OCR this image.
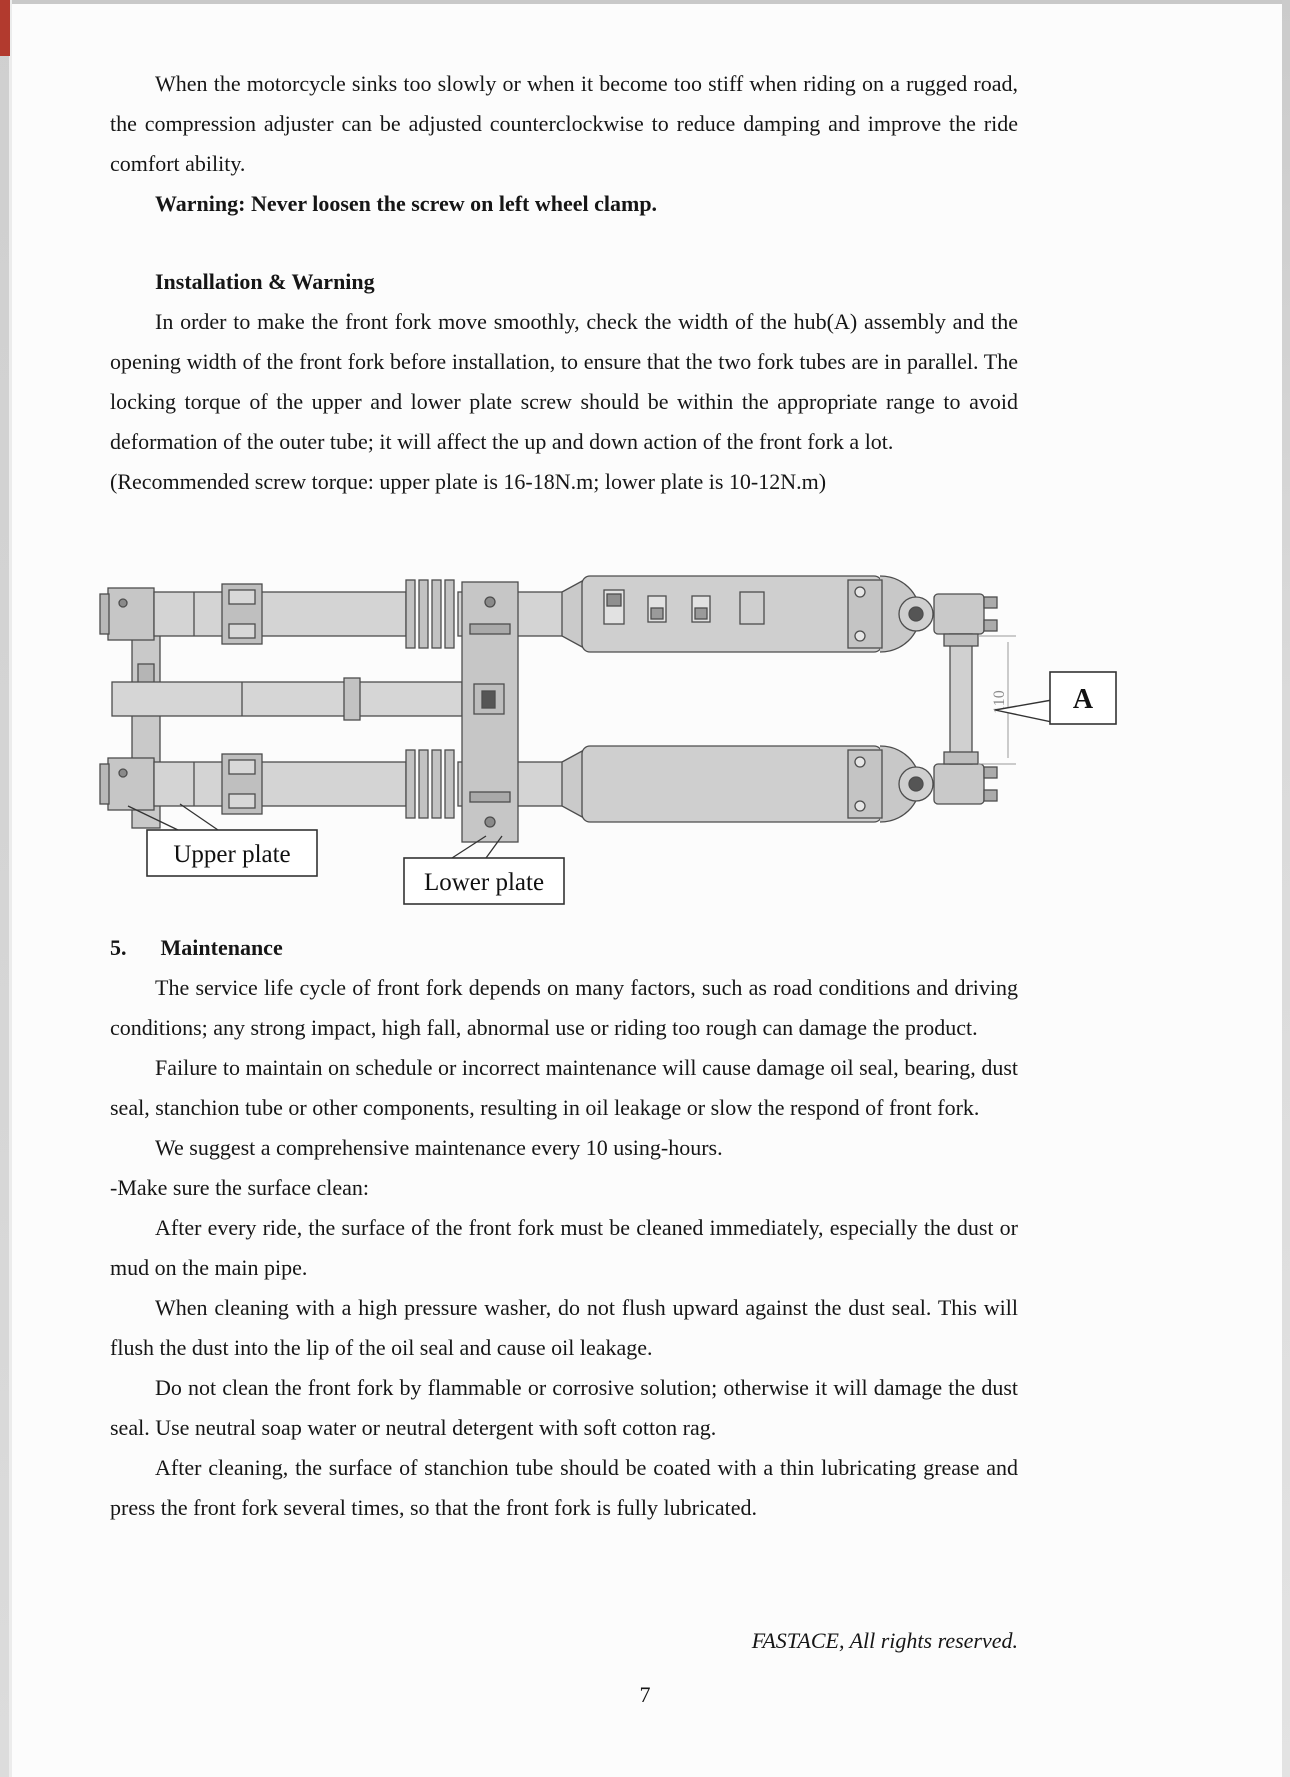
When the motorcycle sinks too slowly or when it become too stiff when riding on a rugged road, the compression adjuster can be adjusted counterclockwise to reduce damping and improve the ride comfort ability.
Warning: Never loosen the screw on left wheel clamp.
Installation & Warning
In order to make the front fork move smoothly, check the width of the hub(A) assembly and the opening width of the front fork before installation, to ensure that the two fork tubes are in parallel. The locking torque of the upper and lower plate screw should be within the appropriate range to avoid deformation of the outer tube; it will affect the up and down action of the front fork a lot.
(Recommended screw torque: upper plate is 16-18N.m; lower plate is 10-12N.m)
110 A
Upper plate
Lower plate
5. Maintenance
The service life cycle of front fork depends on many factors, such as road conditions and driving conditions; any strong impact, high fall, abnormal use or riding too rough can damage the product.
Failure to maintain on schedule or incorrect maintenance will cause damage oil seal, bearing, dust seal, stanchion tube or other components, resulting in oil leakage or slow the respond of front fork.
We suggest a comprehensive maintenance every 10 using-hours.
-Make sure the surface clean:
After every ride, the surface of the front fork must be cleaned immediately, especially the dust or mud on the main pipe.
When cleaning with a high pressure washer, do not flush upward against the dust seal. This will flush the dust into the lip of the oil seal and cause oil leakage.
Do not clean the front fork by flammable or corrosive solution; otherwise it will damage the dust seal. Use neutral soap water or neutral detergent with soft cotton rag.
After cleaning, the surface of stanchion tube should be coated with a thin lubricating grease and press the front fork several times, so that the front fork is fully lubricated.
FASTACE, All rights reserved.
7
